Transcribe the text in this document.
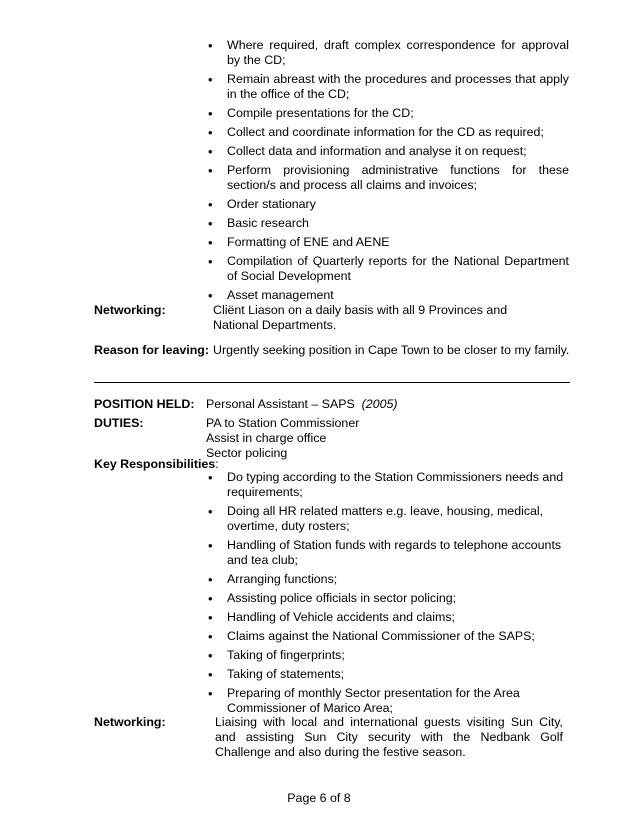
• Where required, draft complex correspondence for approval by the CD;
• Remain abreast with the procedures and processes that apply in the office of the CD;
• Compile presentations for the CD;
• Collect and coordinate information for the CD as required;
• Collect data and information and analyse it on request;
• Perform provisioning administrative functions for these section/s and process all claims and invoices;
• Order stationary
• Basic research
• Formatting of ENE and AENE
• Compilation of Quarterly reports for the National Department of Social Development
• Asset management
Networking:	Cliënt Liason on a daily basis with all 9 Provinces and National Departments.
Reason for leaving: Urgently seeking position in Cape Town to be closer to my family.
POSITION HELD: Personal Assistant – SAPS (2005)
DUTIES:	PA to Station Commissioner
Assist in charge office
Sector policing
Key Responsibilities:
• Do typing according to the Station Commissioners needs and requirements;
• Doing all HR related matters e.g. leave, housing, medical, overtime, duty rosters;
• Handling of Station funds with regards to telephone accounts and tea club;
• Arranging functions;
• Assisting police officials in sector policing;
• Handling of Vehicle accidents and claims;
• Claims against the National Commissioner of the SAPS;
• Taking of fingerprints;
• Taking of statements;
• Preparing of monthly Sector presentation for the Area Commissioner of Marico Area;
Networking:	Liaising with local and international guests visiting Sun City, and assisting Sun City security with the Nedbank Golf Challenge and also during the festive season.
Page 6 of 8
